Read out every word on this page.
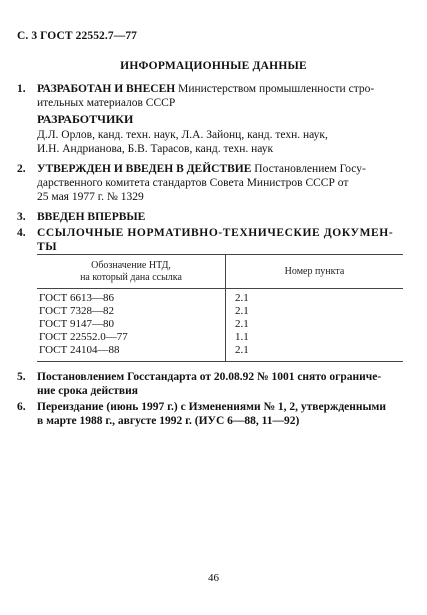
С. 3 ГОСТ 22552.7—77
ИНФОРМАЦИОННЫЕ ДАННЫЕ
1. РАЗРАБОТАН И ВНЕСЕН Министерством промышленности стро-
ительных материалов СССР
РАЗРАБОТЧИКИ
Д.Л. Орлов, канд. техн. наук, Л.А. Зайонц, канд. техн. наук,
И.Н. Андрианова, Б.В. Тарасов, канд. техн. наук
2. УТВЕРЖДЕН И ВВЕДЕН В ДЕЙСТВИЕ Постановлением Госу-
дарственного комитета стандартов Совета Министров СССР от
25 мая 1977 г. № 1329
3. ВВЕДЕН ВПЕРВЫЕ
4. ССЫЛОЧНЫЕ НОРМАТИВНО-ТЕХНИЧЕСКИЕ ДОКУМЕН-
ТЫ
Обозначение НТД,
на который дана ссылка
Номер пункта
ГОСТ 6613—86	2.1
ГОСТ 7328—82	2.1
ГОСТ 9147—80	2.1
ГОСТ 22552.0—77	1.1
ГОСТ 24104—88	2.1
5. Постановлением Госстандарта от 20.08.92 № 1001 снято ограниче-
ние срока действия
6. Переиздание (июнь 1997 г.) с Изменениями № 1, 2, утвержденными
в марте 1988 г., августе 1992 г. (ИУС 6—88, 11—92)
46
